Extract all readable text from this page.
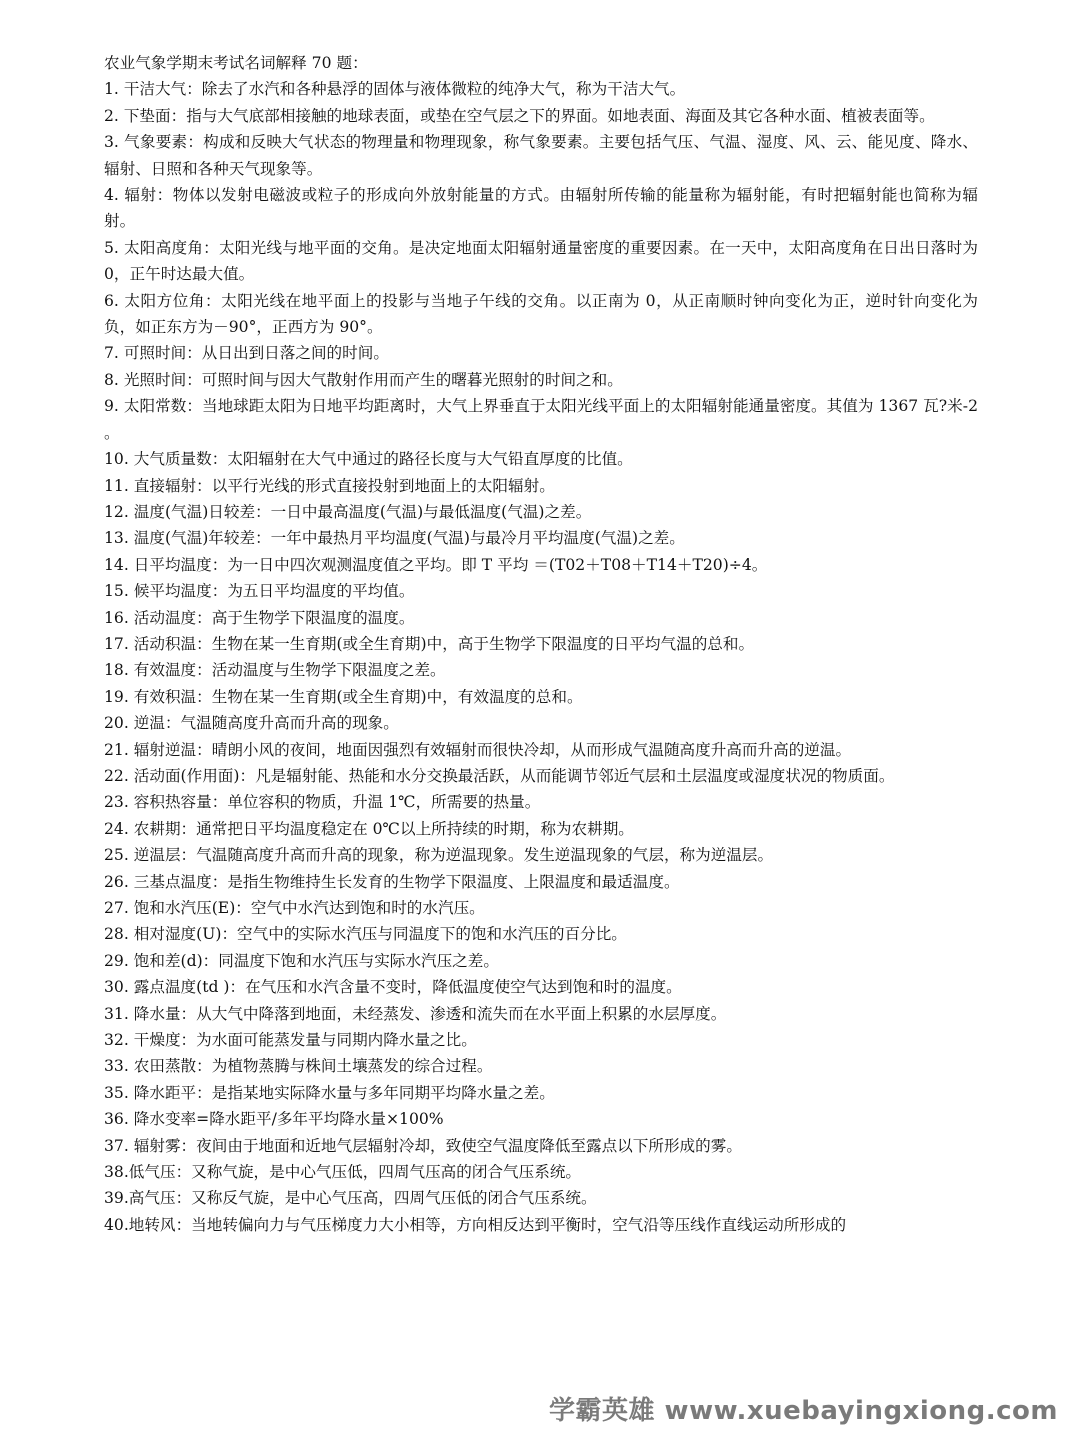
农业气象学期末考试名词解释 70 题：

1. 干洁大气：除去了水汽和各种悬浮的固体与液体微粒的纯净大气，称为干洁大气。

2. 下垫面：指与大气底部相接触的地球表面，或垫在空气层之下的界面。如地表面、海面及其它各种水面、植被表面等。

3. 气象要素：构成和反映大气状态的物理量和物理现象，称气象要素。主要包括气压、气温、湿度、风、云、能见度、降水、辐射、日照和各种天气现象等。

4. 辐射：物体以发射电磁波或粒子的形成向外放射能量的方式。由辐射所传输的能量称为辐射能，有时把辐射能也简称为辐射。

5. 太阳高度角：太阳光线与地平面的交角。是决定地面太阳辐射通量密度的重要因素。在一天中，太阳高度角在日出日落时为 0，正午时达最大值。

6. 太阳方位角：太阳光线在地平面上的投影与当地子午线的交角。以正南为 0，从正南顺时钟向变化为正，逆时针向变化为负，如正东方为－90°，正西方为 90°。

7. 可照时间：从日出到日落之间的时间。

8. 光照时间：可照时间与因大气散射作用而产生的曙暮光照射的时间之和。

9. 太阳常数：当地球距太阳为日地平均距离时，大气上界垂直于太阳光线平面上的太阳辐射能通量密度。其值为 1367 瓦?米-2 。

10. 大气质量数：太阳辐射在大气中通过的路径长度与大气铅直厚度的比值。

11. 直接辐射：以平行光线的形式直接投射到地面上的太阳辐射。

12. 温度(气温)日较差：一日中最高温度(气温)与最低温度(气温)之差。

13. 温度(气温)年较差：一年中最热月平均温度(气温)与最冷月平均温度(气温)之差。

14. 日平均温度：为一日中四次观测温度值之平均。即 T 平均 ＝(T02＋T08＋T14＋T20)÷4。

15. 候平均温度：为五日平均温度的平均值。

16. 活动温度：高于生物学下限温度的温度。

17. 活动积温：生物在某一生育期(或全生育期)中，高于生物学下限温度的日平均气温的总和。

18. 有效温度：活动温度与生物学下限温度之差。

19. 有效积温：生物在某一生育期(或全生育期)中，有效温度的总和。

20. 逆温：气温随高度升高而升高的现象。

21. 辐射逆温：晴朗小风的夜间，地面因强烈有效辐射而很快冷却，从而形成气温随高度升高而升高的逆温。

22. 活动面(作用面)：凡是辐射能、热能和水分交换最活跃，从而能调节邻近气层和土层温度或湿度状况的物质面。

23. 容积热容量：单位容积的物质，升温 1℃，所需要的热量。

24. 农耕期：通常把日平均温度稳定在 0℃以上所持续的时期，称为农耕期。

25. 逆温层：气温随高度升高而升高的现象，称为逆温现象。发生逆温现象的气层，称为逆温层。

26. 三基点温度：是指生物维持生长发育的生物学下限温度、上限温度和最适温度。

27. 饱和水汽压(E)：空气中水汽达到饱和时的水汽压。

28. 相对湿度(U)：空气中的实际水汽压与同温度下的饱和水汽压的百分比。

29. 饱和差(d)：同温度下饱和水汽压与实际水汽压之差。

30. 露点温度(td )：在气压和水汽含量不变时，降低温度使空气达到饱和时的温度。

31. 降水量：从大气中降落到地面，未经蒸发、渗透和流失而在水平面上积累的水层厚度。

32. 干燥度：为水面可能蒸发量与同期内降水量之比。

33. 农田蒸散：为植物蒸腾与株间土壤蒸发的综合过程。

35. 降水距平：是指某地实际降水量与多年同期平均降水量之差。

36. 降水变率=降水距平/多年平均降水量×100%

37. 辐射雾：夜间由于地面和近地气层辐射冷却，致使空气温度降低至露点以下所形成的雾。

38.低气压：又称气旋，是中心气压低，四周气压高的闭合气压系统。

39.高气压：又称反气旋，是中心气压高，四周气压低的闭合气压系统。

40.地转风：当地转偏向力与气压梯度力大小相等，方向相反达到平衡时，空气沿等压线作直线运动所形成的

学霸英雄 www.xuebayingxiong.com
